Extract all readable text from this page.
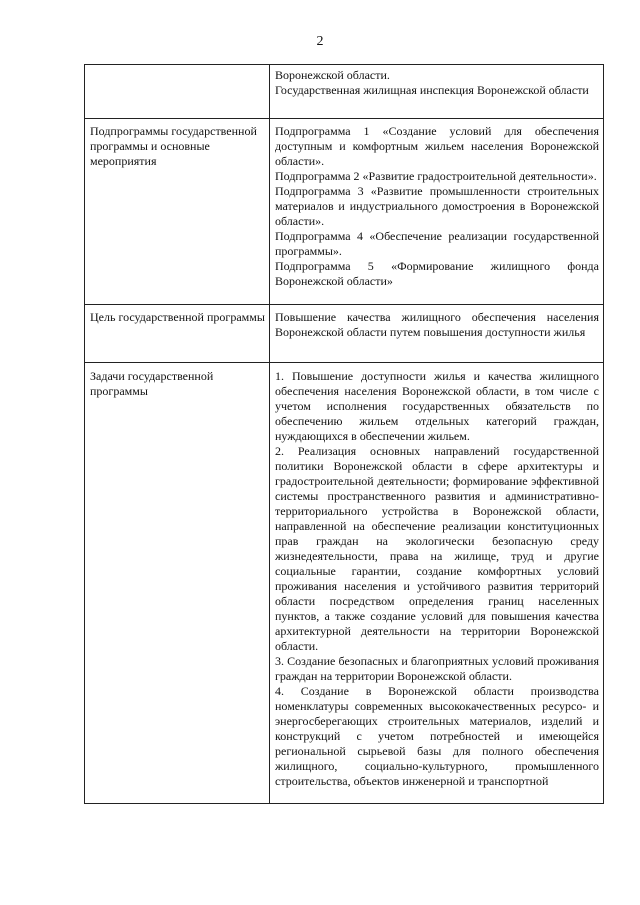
2

	Воронежской области.

Государственная жилищная инспекция Воронежской области

Подпрограммы государственной программы и основные мероприятия	Подпрограмма 1 «Создание условий для обеспечения доступным и комфортным жильем населения Воронежской области».

Подпрограмма 2 «Развитие градостроительной деятельности».

Подпрограмма 3 «Развитие промышленности строительных материалов и индустриального домостроения в Воронежской области».

Подпрограмма 4 «Обеспечение реализации государственной программы».

Подпрограмма 5 «Формирование жилищного фонда Воронежской области»

Цель государственной программы	Повышение качества жилищного обеспечения населения Воронежской области путем повышения доступности жилья

Задачи государственной программы	1. Повышение доступности жилья и качества жилищного обеспечения населения Воронежской области, в том числе с учетом исполнения государственных обязательств по обеспечению жильем отдельных категорий граждан, нуждающихся в обеспечении жильем.

2. Реализация основных направлений государственной политики Воронежской области в сфере архитектуры и градостроительной деятельности; формирование эффективной системы пространственного развития и административно-территориального устройства в Воронежской области, направленной на обеспечение реализации конституционных прав граждан на экологически безопасную среду жизнедеятельности, права на жилище, труд и другие социальные гарантии, создание комфортных условий проживания населения и устойчивого развития территорий области посредством определения границ населенных пунктов, а также создание условий для повышения качества архитектурной деятельности на территории Воронежской области.

3. Создание безопасных и благоприятных условий проживания граждан на территории Воронежской области.

4. Создание в Воронежской области производства номенклатуры современных высококачественных ресурсо- и энергосберегающих строительных материалов, изделий и конструкций с учетом потребностей и имеющейся региональной сырьевой базы для полного обеспечения жилищного, социально-культурного, промышленного строительства, объектов инженерной и транспортной
